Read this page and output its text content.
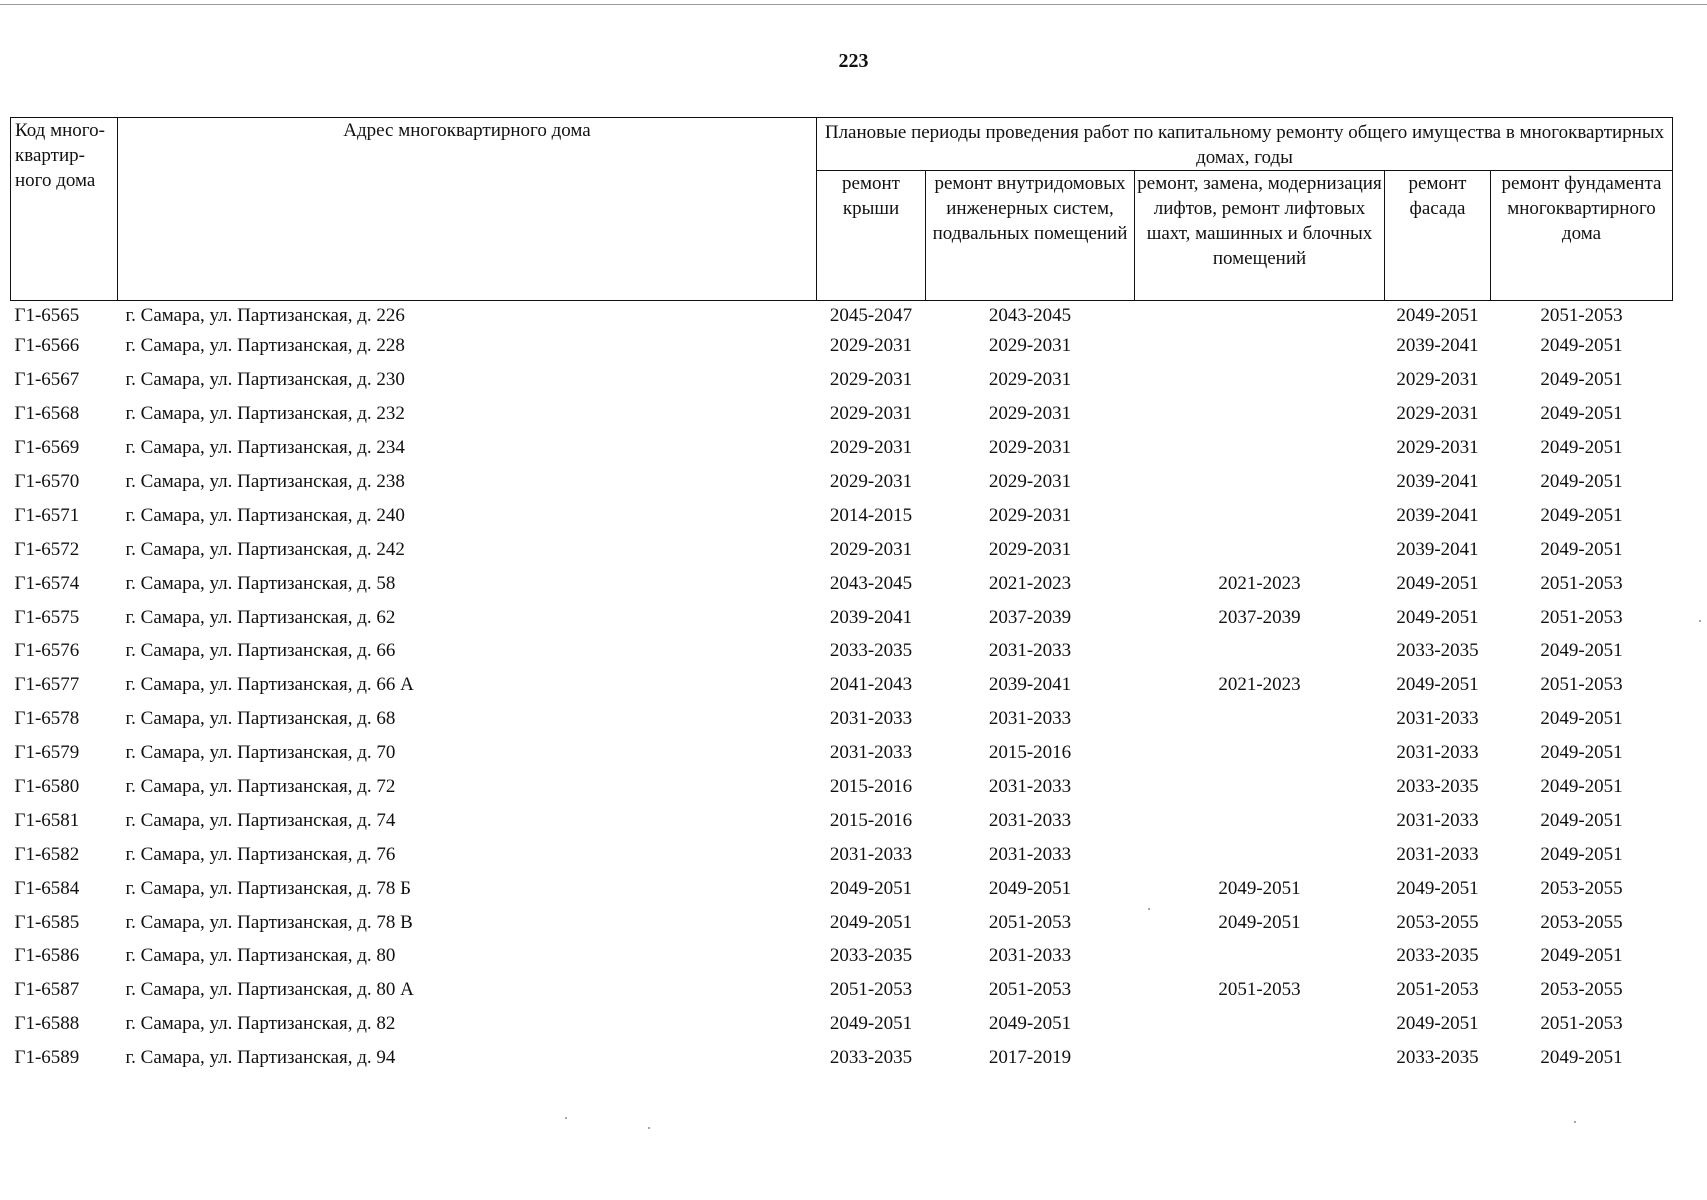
223
Код много-квартир-ного дома	Адрес многоквартирного дома	Плановые периоды проведения работ по капитальному ремонту общего имущества в многоквартирных домах, годы				
		ремонт крыши	ремонт внутридомовых инженерных систем, подвальных помещений	ремонт, замена, модернизация лифтов, ремонт лифтовых шахт, машинных и блочных помещений	ремонт фасада	ремонт фундамента многоквартирного дома
Г1-6565	г. Самара, ул. Партизанская, д. 226	2045-2047	2043-2045		2049-2051	2051-2053
Г1-6566	г. Самара, ул. Партизанская, д. 228	2029-2031	2029-2031		2039-2041	2049-2051
Г1-6567	г. Самара, ул. Партизанская, д. 230	2029-2031	2029-2031		2029-2031	2049-2051
Г1-6568	г. Самара, ул. Партизанская, д. 232	2029-2031	2029-2031		2029-2031	2049-2051
Г1-6569	г. Самара, ул. Партизанская, д. 234	2029-2031	2029-2031		2029-2031	2049-2051
Г1-6570	г. Самара, ул. Партизанская, д. 238	2029-2031	2029-2031		2039-2041	2049-2051
Г1-6571	г. Самара, ул. Партизанская, д. 240	2014-2015	2029-2031		2039-2041	2049-2051
Г1-6572	г. Самара, ул. Партизанская, д. 242	2029-2031	2029-2031		2039-2041	2049-2051
Г1-6574	г. Самара, ул. Партизанская, д. 58	2043-2045	2021-2023	2021-2023	2049-2051	2051-2053
Г1-6575	г. Самара, ул. Партизанская, д. 62	2039-2041	2037-2039	2037-2039	2049-2051	2051-2053
Г1-6576	г. Самара, ул. Партизанская, д. 66	2033-2035	2031-2033		2033-2035	2049-2051
Г1-6577	г. Самара, ул. Партизанская, д. 66 А	2041-2043	2039-2041	2021-2023	2049-2051	2051-2053
Г1-6578	г. Самара, ул. Партизанская, д. 68	2031-2033	2031-2033		2031-2033	2049-2051
Г1-6579	г. Самара, ул. Партизанская, д. 70	2031-2033	2015-2016		2031-2033	2049-2051
Г1-6580	г. Самара, ул. Партизанская, д. 72	2015-2016	2031-2033		2033-2035	2049-2051
Г1-6581	г. Самара, ул. Партизанская, д. 74	2015-2016	2031-2033		2031-2033	2049-2051
Г1-6582	г. Самара, ул. Партизанская, д. 76	2031-2033	2031-2033		2031-2033	2049-2051
Г1-6584	г. Самара, ул. Партизанская, д. 78 Б	2049-2051	2049-2051	2049-2051	2049-2051	2053-2055
Г1-6585	г. Самара, ул. Партизанская, д. 78 В	2049-2051	2051-2053	2049-2051	2053-2055	2053-2055
Г1-6586	г. Самара, ул. Партизанская, д. 80	2033-2035	2031-2033		2033-2035	2049-2051
Г1-6587	г. Самара, ул. Партизанская, д. 80 А	2051-2053	2051-2053	2051-2053	2051-2053	2053-2055
Г1-6588	г. Самара, ул. Партизанская, д. 82	2049-2051	2049-2051		2049-2051	2051-2053
Г1-6589	г. Самара, ул. Партизанская, д. 94	2033-2035	2017-2019		2033-2035	2049-2051
